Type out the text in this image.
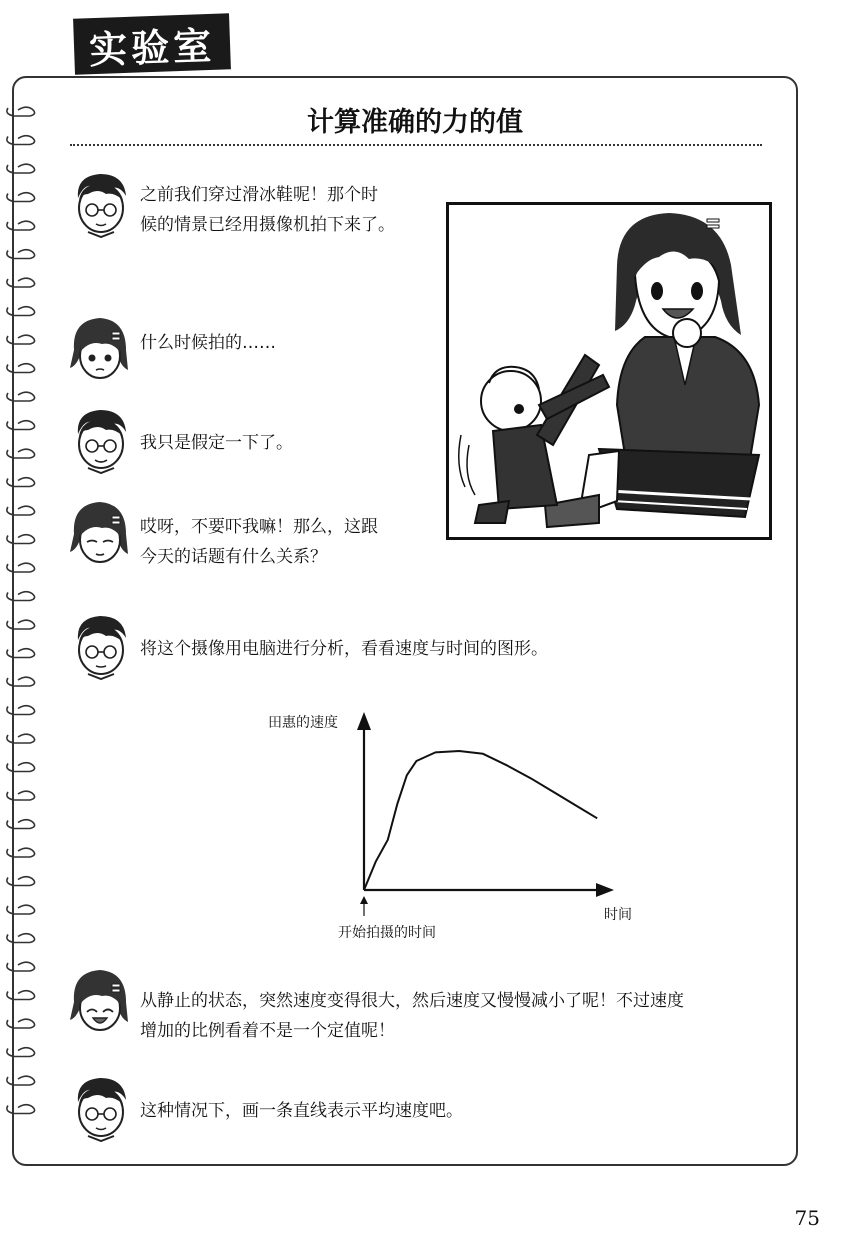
实验室
计算准确的力的值
之前我们穿过滑冰鞋呢！那个时
候的情景已经用摄像机拍下来了。
什么时候拍的……
我只是假定一下了。
哎呀，不要吓我嘛！那么，这跟
今天的话题有什么关系？
将这个摄像用电脑进行分析，看看速度与时间的图形。
田惠的速度
时间
开始拍摄的时间
从静止的状态，突然速度变得很大，然后速度又慢慢减小了呢！不过速度
增加的比例看着不是一个定值呢！
这种情况下，画一条直线表示平均速度吧。
75
